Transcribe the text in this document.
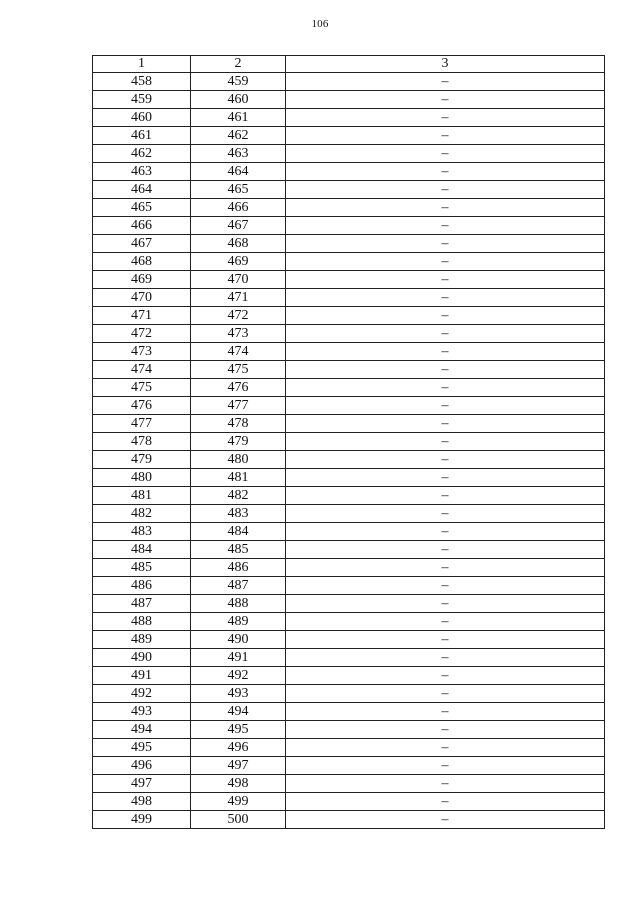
106
1	2	3
458	459	–
459	460	–
460	461	–
461	462	–
462	463	–
463	464	–
464	465	–
465	466	–
466	467	–
467	468	–
468	469	–
469	470	–
470	471	–
471	472	–
472	473	–
473	474	–
474	475	–
475	476	–
476	477	–
477	478	–
478	479	–
479	480	–
480	481	–
481	482	–
482	483	–
483	484	–
484	485	–
485	486	–
486	487	–
487	488	–
488	489	–
489	490	–
490	491	–
491	492	–
492	493	–
493	494	–
494	495	–
495	496	–
496	497	–
497	498	–
498	499	–
499	500	–
